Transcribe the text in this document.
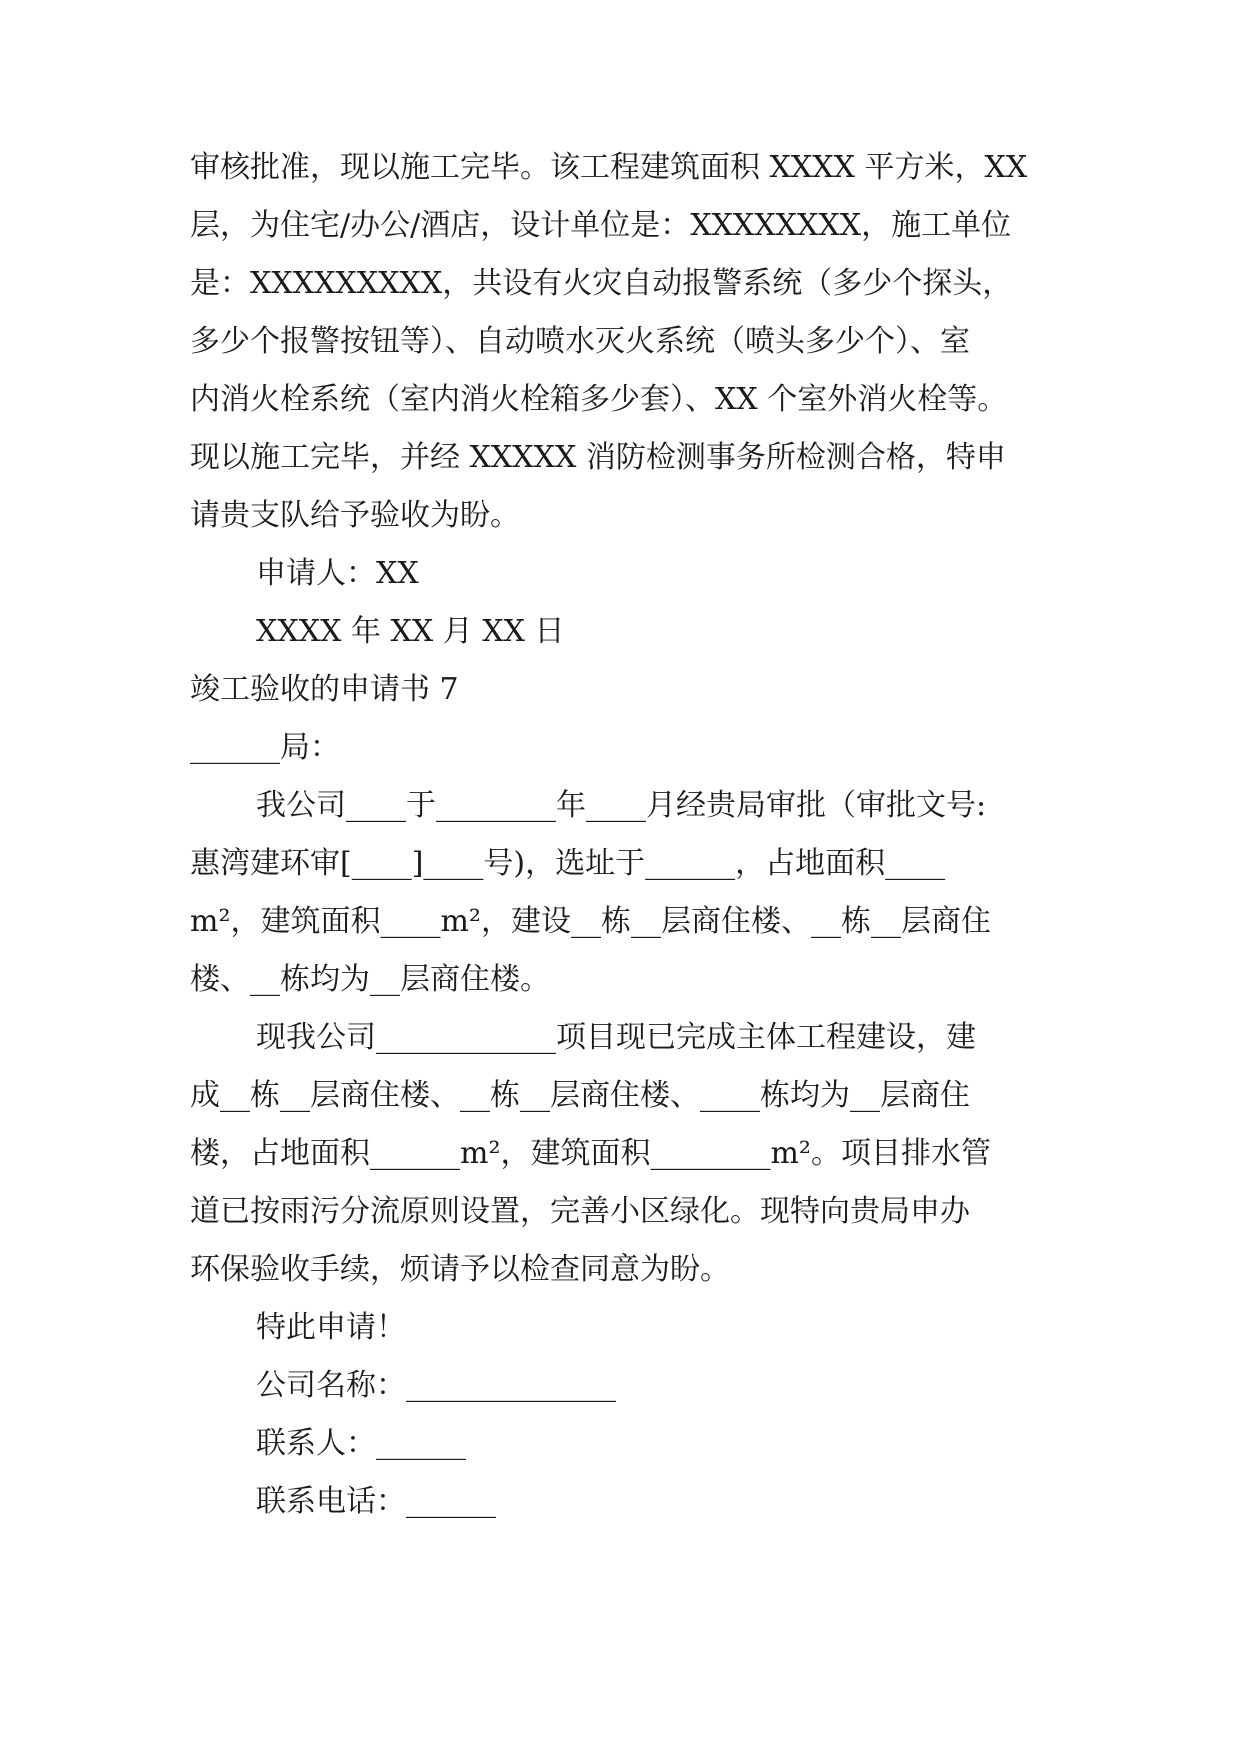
审核批准，现以施工完毕。该工程建筑面积 XXXX 平方米，XX
层，为住宅/办公/酒店，设计单位是：XXXXXXXX，施工单位
是：XXXXXXXXX，共设有火灾自动报警系统（多少个探头，
多少个报警按钮等）、自动喷水灭火系统（喷头多少个）、室
内消火栓系统（室内消火栓箱多少套）、XX 个室外消火栓等。
现以施工完毕，并经 XXXXX 消防检测事务所检测合格，特申
请贵支队给予验收为盼。
申请人：XX
XXXX 年 XX 月 XX 日
竣工验收的申请书 7
______局：
我公司____于________年____月经贵局审批（审批文号:
惠湾建环审[____]____号)，选址于______，占地面积____
m²，建筑面积____m²，建设__栋__层商住楼、__栋__层商住
楼、__栋均为__层商住楼。
现我公司____________项目现已完成主体工程建设，建
成__栋__层商住楼、__栋__层商住楼、____栋均为__层商住
楼，占地面积______m²，建筑面积________m²。项目排水管
道已按雨污分流原则设置，完善小区绿化。现特向贵局申办
环保验收手续，烦请予以检查同意为盼。
特此申请！
公司名称：______________
联系人：______
联系电话：______
